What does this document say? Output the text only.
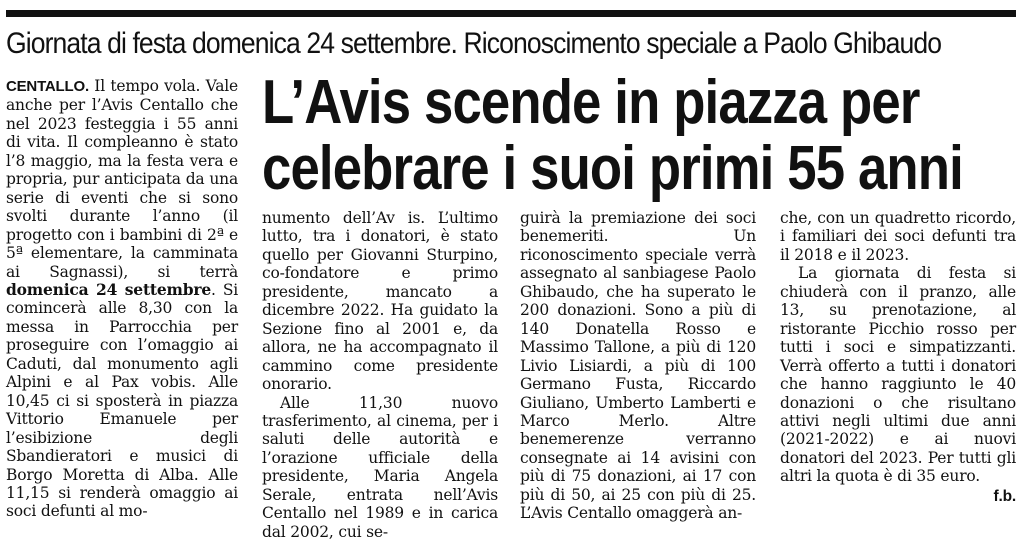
Giornata di festa domenica 24 settembre. Riconoscimento speciale a Paolo Ghibaudo
L’Avis scende in piazza per
celebrare i suoi primi 55 anni

CENTALLO. Il tempo vola. Vale anche per l’Avis Centallo che nel 2023 festeggia i 55 anni di vita. Il compleanno è stato l’8 maggio, ma la festa vera e propria, pur anticipata da una serie di eventi che si sono svolti durante l’anno (il progetto con i bambini di 2ª e 5ª elementare, la camminata ai Sagnassi), si terrà domenica 24 settembre. Si comincerà alle 8,30 con la messa in Parrocchia per proseguire con l’omaggio ai Caduti, dal monumento agli Alpini e al Pax vobis. Alle 10,45 ci si sposterà in piazza Vittorio Emanuele per l’esibizione degli Sbandieratori e musici di Borgo Moretta di Alba. Alle 11,15 si renderà omaggio ai soci defunti al mo-

numento dell’Av is. L’ultimo lutto, tra i donatori, è stato quello per Giovanni Sturpino, co-fondatore e primo presidente, mancato a dicembre 2022. Ha guidato la Sezione fino al 2001 e, da allora, ne ha accompagnato il cammino come presidente onorario.

Alle 11,30 nuovo trasferimento, al cinema, per i saluti delle autorità e l’orazione ufficiale della presidente, Maria Angela Serale, entrata nell’Avis Centallo nel 1989 e in carica dal 2002, cui se-

guirà la premiazione dei soci benemeriti. Un riconoscimento speciale verrà assegnato al sanbiagese Paolo Ghibaudo, che ha superato le 200 donazioni. Sono a più di 140 Donatella Rosso e Massimo Tallone, a più di 120 Livio Lisiardi, a più di 100 Germano Fusta, Riccardo Giuliano, Umberto Lamberti e Marco Merlo. Altre benemerenze verranno consegnate ai 14 avisini con più di 75 donazioni, ai 17 con più di 50, ai 25 con più di 25. L’Avis Centallo omaggerà an-

che, con un quadretto ricordo, i familiari dei soci defunti tra il 2018 e il 2023.

La giornata di festa si chiuderà con il pranzo, alle 13, su prenotazione, al ristorante Picchio rosso per tutti i soci e simpatizzanti. Verrà offerto a tutti i donatori che hanno raggiunto le 40 donazioni o che risultano attivi negli ultimi due anni (2021-2022) e ai nuovi donatori del 2023. Per tutti gli altri la quota è di 35 euro.

f.b.
